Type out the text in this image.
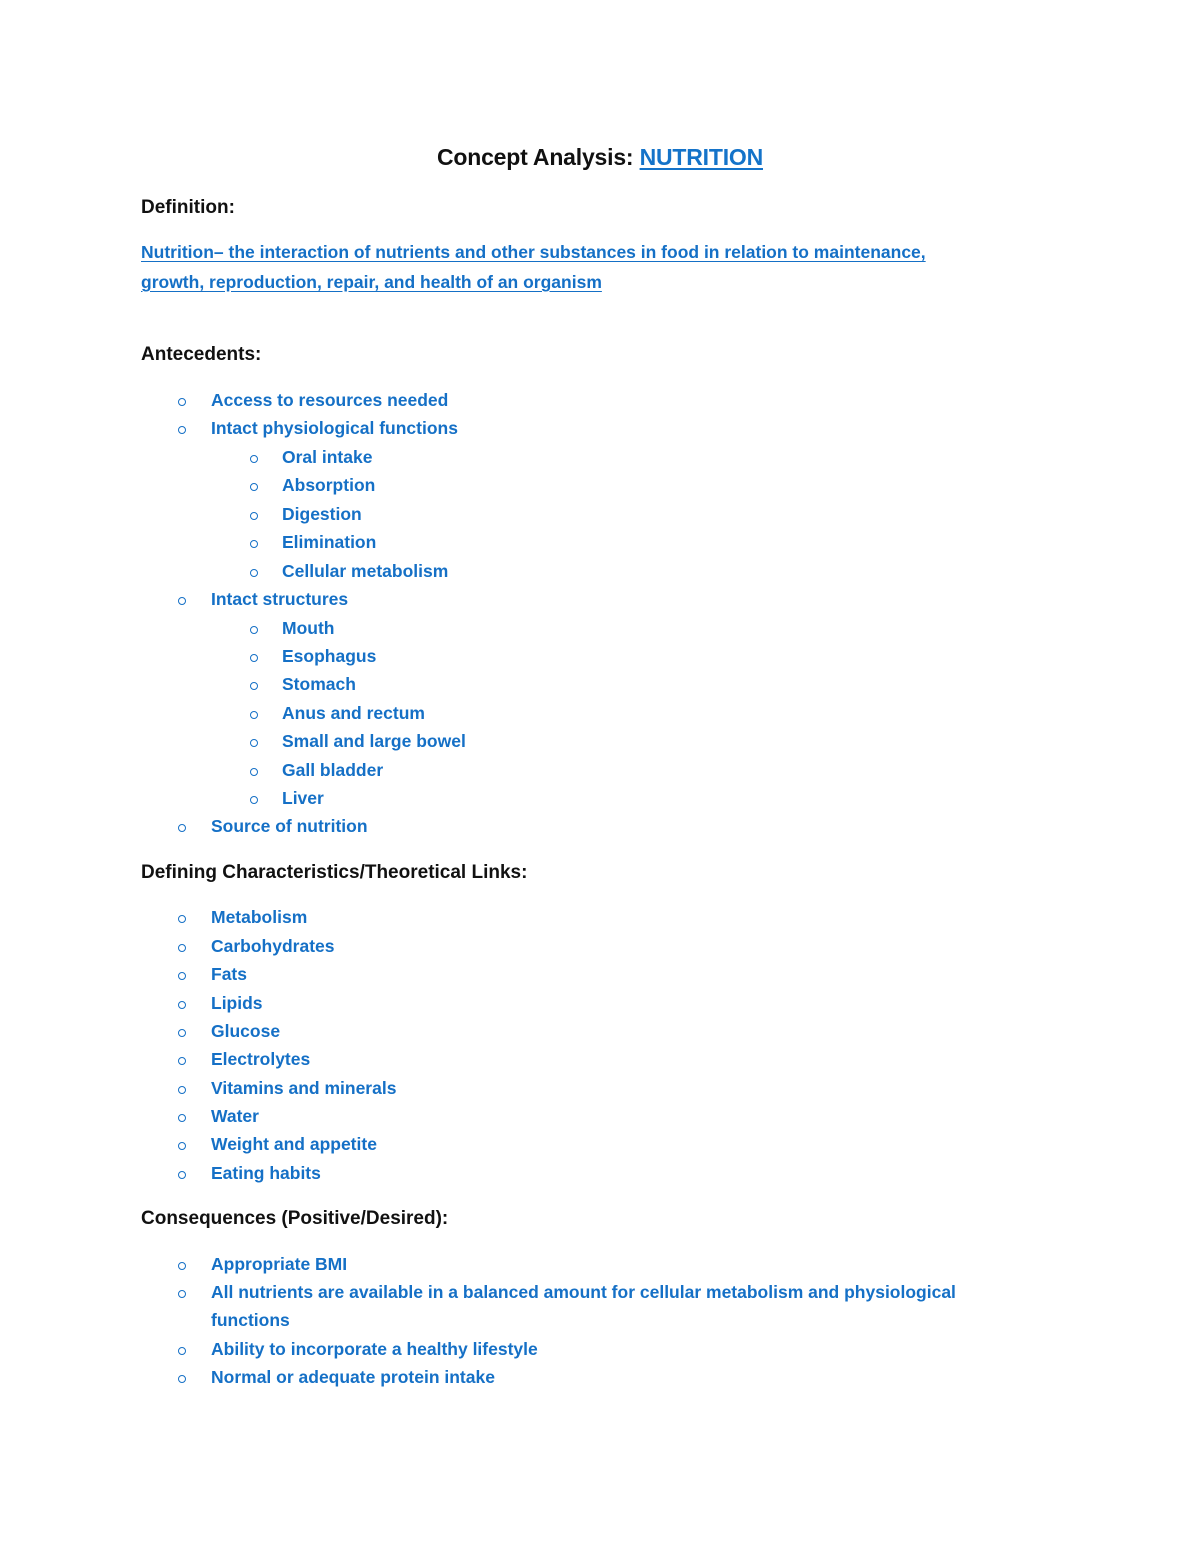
Concept Analysis: NUTRITION
Definition:
Nutrition– the interaction of nutrients and other substances in food in relation to maintenance,
growth, reproduction, repair, and health of an organism
Antecedents:
Access to resources needed
Intact physiological functions
Oral intake
Absorption
Digestion
Elimination
Cellular metabolism
Intact structures
Mouth
Esophagus
Stomach
Anus and rectum
Small and large bowel
Gall bladder
Liver
Source of nutrition
Defining Characteristics/Theoretical Links:
Metabolism
Carbohydrates
Fats
Lipids
Glucose
Electrolytes
Vitamins and minerals
Water
Weight and appetite
Eating habits
Consequences (Positive/Desired):
Appropriate BMI
All nutrients are available in a balanced amount for cellular metabolism and physiological
functions
Ability to incorporate a healthy lifestyle
Normal or adequate protein intake
